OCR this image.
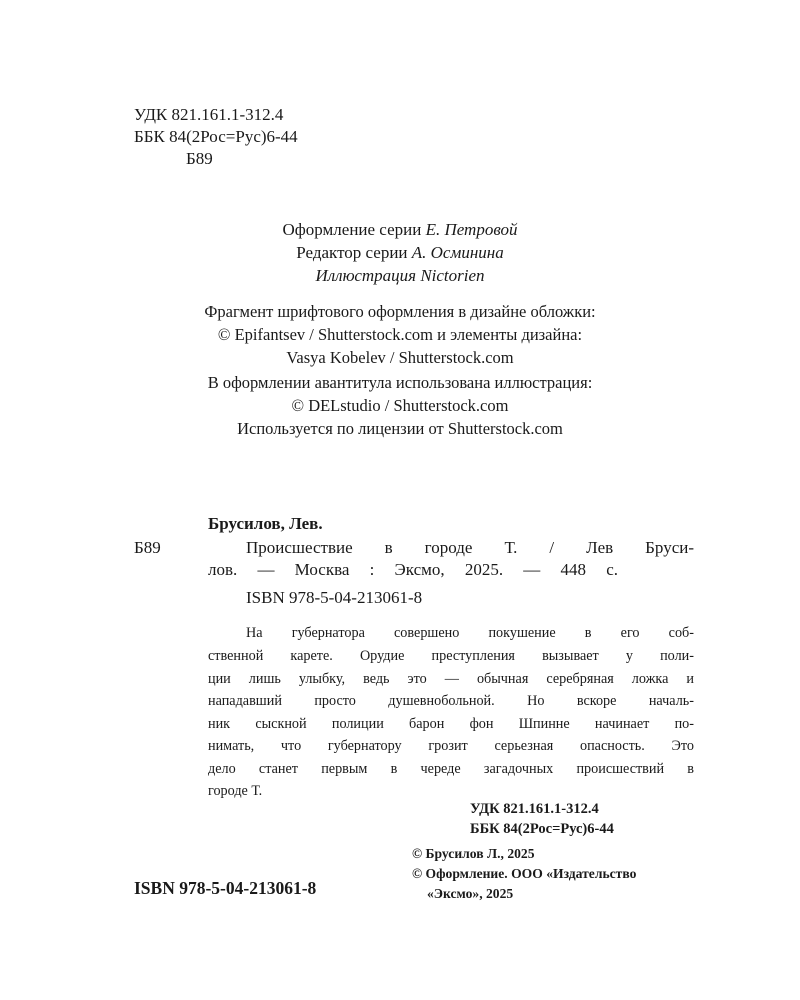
УДК 821.161.1-312.4
ББК 84(2Рос=Рус)6-44
Б89
Оформление серии Е. Петровой
Редактор серии А. Осминина
Иллюстрация Nictorien
Фрагмент шрифтового оформления в дизайне обложки:
© Epifantsev / Shutterstock.com и элементы дизайна:
Vasya Kobelev / Shutterstock.com
В оформлении авантитула использована иллюстрация:
© DELstudio / Shutterstock.com
Используется по лицензии от Shutterstock.com
Брусилов, Лев.
Б89	Происшествие в городе Т. / Лев Бруси-
лов. — Москва : Эксмо, 2025. — 448 с.
ISBN 978-5-04-213061-8
На губернатора совершено покушение в его соб-
ственной карете. Орудие преступления вызывает у поли-
ции лишь улыбку, ведь это — обычная серебряная ложка и
нападавший просто душевнобольной. Но вскоре началь-
ник сыскной полиции барон фон Шпинне начинает по-
нимать, что губернатору грозит серьезная опасность. Это
дело станет первым в череде загадочных происшествий в
городе Т.
УДК 821.161.1-312.4
ББК 84(2Рос=Рус)6-44
© Брусилов Л., 2025
© Оформление. ООО «Издательство
«Эксмо», 2025
ISBN 978-5-04-213061-8
